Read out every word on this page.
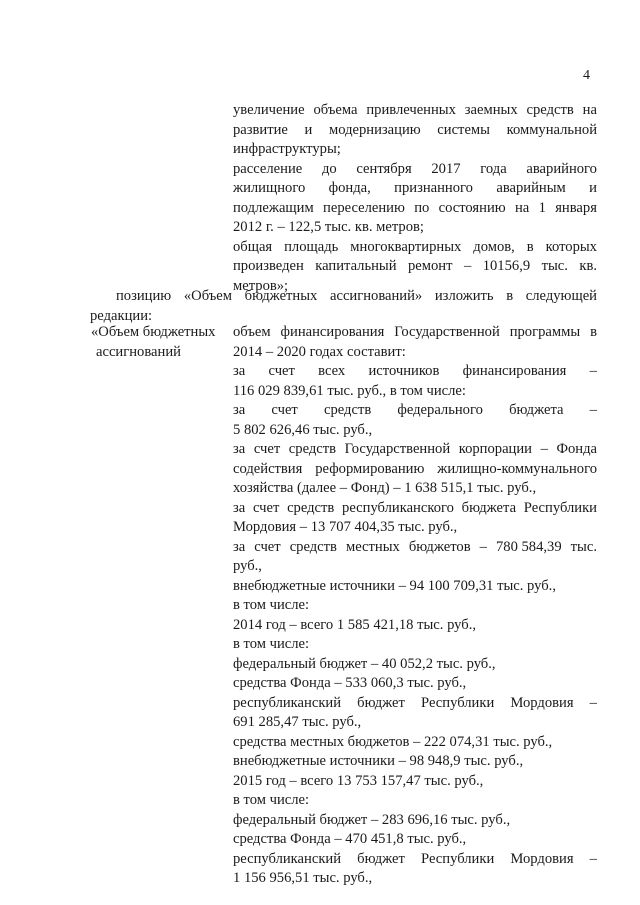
4
увеличение объема привлеченных заемных средств на
развитие и модернизацию системы коммунальной
инфраструктуры;
расселение до сентября 2017 года аварийного
жилищного фонда, признанного аварийным и
подлежащим переселению по состоянию на 1 января
2012 г. – 122,5 тыс. кв. метров;
общая площадь многоквартирных домов, в которых
произведен капитальный ремонт – 10156,9 тыс. кв.
метров»;
позицию «Объем бюджетных ассигнований» изложить в следующей
редакции:
«Объем бюджетных
ассигнований
объем финансирования Государственной программы в
2014 – 2020 годах составит:
за счет всех источников финансирования –
116 029 839,61 тыс. руб., в том числе:
за счет средств федерального бюджета –
5 802 626,46 тыс. руб.,
за счет средств Государственной корпорации – Фонда
содействия реформированию жилищно-коммунального
хозяйства (далее – Фонд) – 1 638 515,1 тыс. руб.,
за счет средств республиканского бюджета Республики
Мордовия – 13 707 404,35 тыс. руб.,
за счет средств местных бюджетов – 780 584,39 тыс.
руб.,
внебюджетные источники – 94 100 709,31 тыс. руб.,
в том числе:
2014 год – всего 1 585 421,18 тыс. руб.,
в том числе:
федеральный бюджет – 40 052,2 тыс. руб.,
средства Фонда – 533 060,3 тыс. руб.,
республиканский бюджет Республики Мордовия –
691 285,47 тыс. руб.,
средства местных бюджетов – 222 074,31 тыс. руб.,
внебюджетные источники – 98 948,9 тыс. руб.,
2015 год – всего 13 753 157,47 тыс. руб.,
в том числе:
федеральный бюджет – 283 696,16 тыс. руб.,
средства Фонда – 470 451,8 тыс. руб.,
республиканский бюджет Республики Мордовия –
1 156 956,51 тыс. руб.,
